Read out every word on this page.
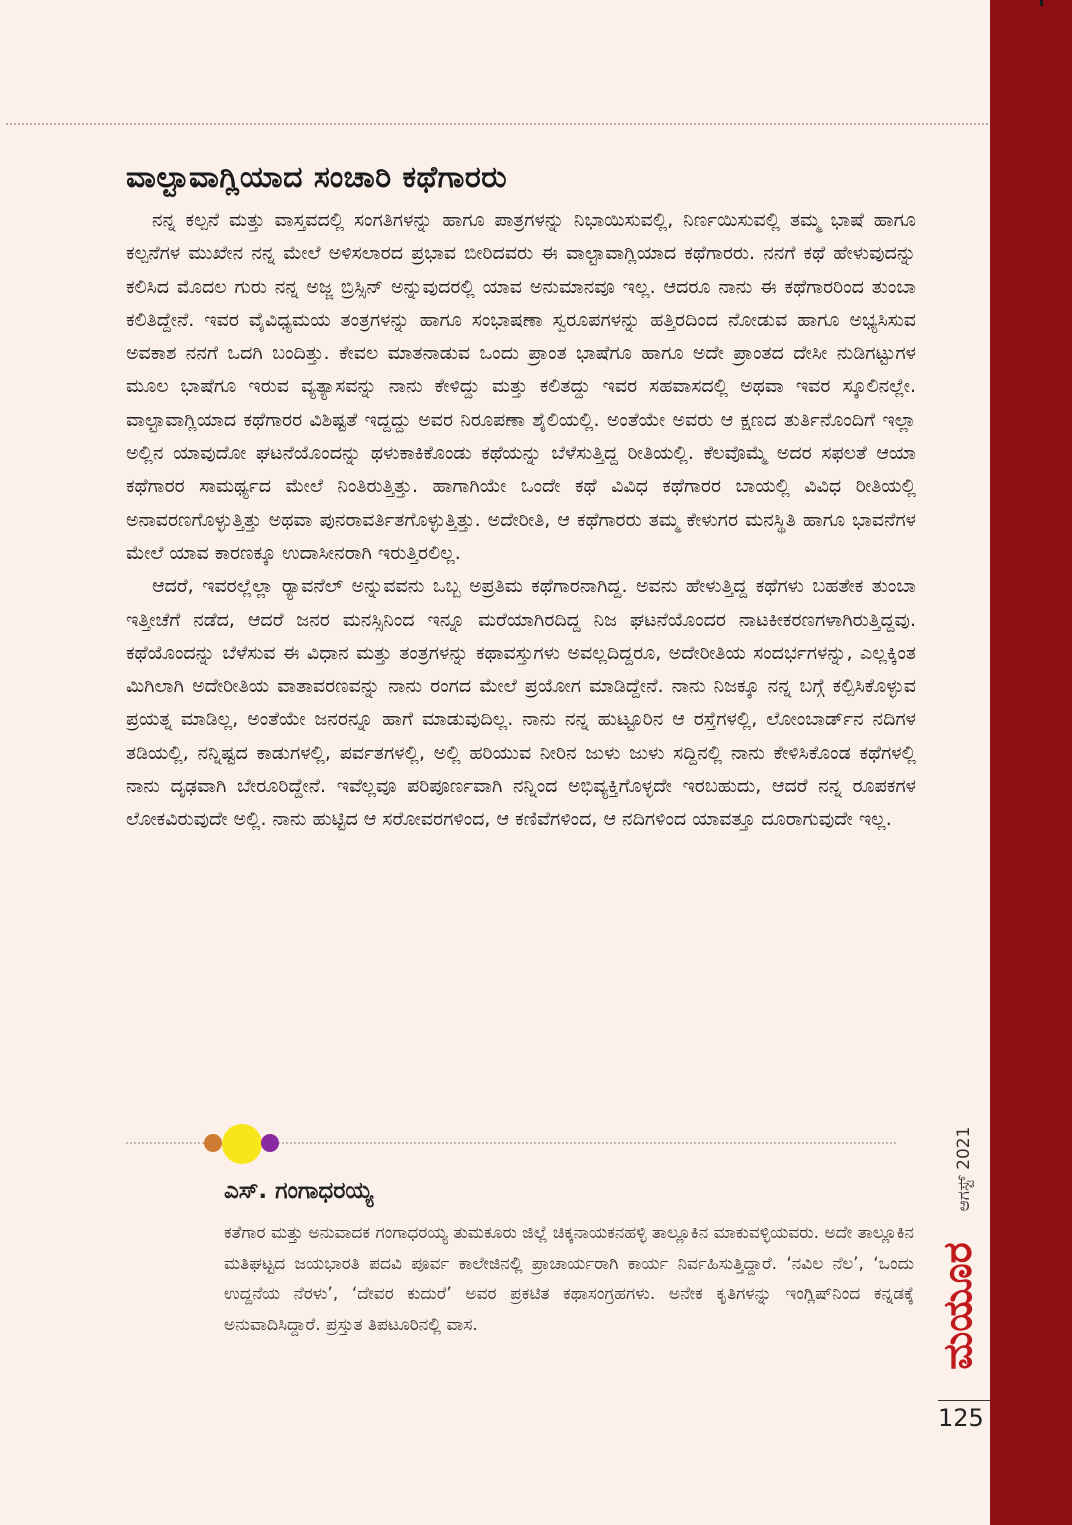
ವಾಲ್ಟಾವಾಗ್ಲಿಯಾದ ಸಂಚಾರಿ ಕಥೆಗಾರರು

ನನ್ನ ಕಲ್ಪನೆ ಮತ್ತು ವಾಸ್ತವದಲ್ಲಿ ಸಂಗತಿಗಳನ್ನು ಹಾಗೂ ಪಾತ್ರಗಳನ್ನು ನಿಭಾಯಿಸುವಲ್ಲಿ, ನಿರ್ಣಯಿಸುವಲ್ಲಿ ತಮ್ಮ ಭಾಷೆ ಹಾಗೂ ಕಲ್ಪನೆಗಳ ಮುಖೇನ ನನ್ನ ಮೇಲೆ ಅಳಿಸಲಾರದ ಪ್ರಭಾವ ಬೀರಿದವರು ಈ ವಾಲ್ಟಾವಾಗ್ಲಿಯಾದ ಕಥೆಗಾರರು. ನನಗೆ ಕಥೆ ಹೇಳುವುದನ್ನು ಕಲಿಸಿದ ಮೊದಲ ಗುರು ನನ್ನ ಅಜ್ಜ ಬ್ರಿಸ್ಸಿನ್ ಅನ್ನುವುದರಲ್ಲಿ ಯಾವ ಅನುಮಾನವೂ ಇಲ್ಲ. ಆದರೂ ನಾನು ಈ ಕಥೆಗಾರರಿಂದ ತುಂಬಾ ಕಲಿತಿದ್ದೇನೆ. ಇವರ ವೈವಿಧ್ಯಮಯ ತಂತ್ರಗಳನ್ನು ಹಾಗೂ ಸಂಭಾಷಣಾ ಸ್ವರೂಪಗಳನ್ನು ಹತ್ತಿರದಿಂದ ನೋಡುವ ಹಾಗೂ ಅಭ್ಯಸಿಸುವ ಅವಕಾಶ ನನಗೆ ಒದಗಿ ಬಂದಿತ್ತು. ಕೇವಲ ಮಾತನಾಡುವ ಒಂದು ಪ್ರಾಂತ ಭಾಷೆಗೂ ಹಾಗೂ ಅದೇ ಪ್ರಾಂತದ ದೇಸೀ ನುಡಿಗಟ್ಟುಗಳ ಮೂಲ ಭಾಷೆಗೂ ಇರುವ ವ್ಯತ್ಯಾಸವನ್ನು ನಾನು ಕೇಳಿದ್ದು ಮತ್ತು ಕಲಿತದ್ದು ಇವರ ಸಹವಾಸದಲ್ಲಿ ಅಥವಾ ಇವರ ಸ್ಕೂಲಿನಲ್ಲೇ. ವಾಲ್ಟಾವಾಗ್ಲಿಯಾದ ಕಥೆಗಾರರ ವಿಶಿಷ್ಟತೆ ಇದ್ದದ್ದು ಅವರ ನಿರೂಪಣಾ ಶೈಲಿಯಲ್ಲಿ. ಅಂತೆಯೇ ಅವರು ಆ ಕ್ಷಣದ ತುರ್ತಿನೊಂದಿಗೆ ಇಲ್ಲಾ ಅಲ್ಲಿನ ಯಾವುದೋ ಘಟನೆಯೊಂದನ್ನು ಥಳುಕಾಕಿಕೊಂಡು ಕಥೆಯನ್ನು ಬೆಳೆಸುತ್ತಿದ್ದ ರೀತಿಯಲ್ಲಿ. ಕೆಲವೊಮ್ಮೆ ಅದರ ಸಫಲತೆ ಆಯಾ ಕಥೆಗಾರರ ಸಾಮರ್ಥ್ಯದ ಮೇಲೆ ನಿಂತಿರುತ್ತಿತ್ತು. ಹಾಗಾಗಿಯೇ ಒಂದೇ ಕಥೆ ವಿವಿಧ ಕಥೆಗಾರರ ಬಾಯಲ್ಲಿ ವಿವಿಧ ರೀತಿಯಲ್ಲಿ ಅನಾವರಣಗೊಳ್ಳುತ್ತಿತ್ತು ಅಥವಾ ಪುನರಾವರ್ತಿತಗೊಳ್ಳುತ್ತಿತ್ತು. ಅದೇರೀತಿ, ಆ ಕಥೆಗಾರರು ತಮ್ಮ ಕೇಳುಗರ ಮನಸ್ಥಿತಿ ಹಾಗೂ ಭಾವನೆಗಳ ಮೇಲೆ ಯಾವ ಕಾರಣಕ್ಕೂ ಉದಾಸೀನರಾಗಿ ಇರುತ್ತಿರಲಿಲ್ಲ.

ಆದರೆ, ಇವರಲ್ಲೆಲ್ಲಾ ರ್‍ಯಾವನೆಲ್ ಅನ್ನುವವನು ಒಬ್ಬ ಅಪ್ರತಿಮ ಕಥೆಗಾರನಾಗಿದ್ದ. ಅವನು ಹೇಳುತ್ತಿದ್ದ ಕಥೆಗಳು ಬಹತೇಕ ತುಂಬಾ ಇತ್ತೀಚೆಗೆ ನಡೆದ, ಆದರೆ ಜನರ ಮನಸ್ಸಿನಿಂದ ಇನ್ನೂ ಮರೆಯಾಗಿರದಿದ್ದ ನಿಜ ಘಟನೆಯೊಂದರ ನಾಟಕೀಕರಣಗಳಾಗಿರುತ್ತಿದ್ದವು. ಕಥೆಯೊಂದನ್ನು ಬೆಳೆಸುವ ಈ ವಿಧಾನ ಮತ್ತು ತಂತ್ರಗಳನ್ನು ಕಥಾವಸ್ತುಗಳು ಅವಲ್ಲದಿದ್ದರೂ, ಅದೇರೀತಿಯ ಸಂದರ್ಭಗಳನ್ನು, ಎಲ್ಲಕ್ಕಿಂತ ಮಿಗಿಲಾಗಿ ಅದೇರೀತಿಯ ವಾತಾವರಣವನ್ನು ನಾನು ರಂಗದ ಮೇಲೆ ಪ್ರಯೋಗ ಮಾಡಿದ್ದೇನೆ. ನಾನು ನಿಜಕ್ಕೂ ನನ್ನ ಬಗ್ಗೆ ಕಲ್ಪಿಸಿಕೊಳ್ಳುವ ಪ್ರಯತ್ನ ಮಾಡಿಲ್ಲ, ಅಂತೆಯೇ ಜನರನ್ನೂ ಹಾಗೆ ಮಾಡುವುದಿಲ್ಲ. ನಾನು ನನ್ನ ಹುಟ್ಟೂರಿನ ಆ ರಸ್ತೆಗಳಲ್ಲಿ, ಲೋಂಬಾರ್ಡ್‌ನ ನದಿಗಳ ತಡಿಯಲ್ಲಿ, ನನ್ನಿಷ್ಟದ ಕಾಡುಗಳಲ್ಲಿ, ಪರ್ವತಗಳಲ್ಲಿ, ಅಲ್ಲಿ ಹರಿಯುವ ನೀರಿನ ಜುಳು ಜುಳು ಸದ್ದಿನಲ್ಲಿ ನಾನು ಕೇಳಿಸಿಕೊಂಡ ಕಥೆಗಳಲ್ಲಿ ನಾನು ದೃಢವಾಗಿ ಬೇರೂರಿದ್ದೇನೆ. ಇವೆಲ್ಲವೂ ಪರಿಪೂರ್ಣವಾಗಿ ನನ್ನಿಂದ ಅಭಿವ್ಯಕ್ತಿಗೊಳ್ಳದೇ ಇರಬಹುದು, ಆದರೆ ನನ್ನ ರೂಪಕಗಳ ಲೋಕವಿರುವುದೇ ಅಲ್ಲಿ. ನಾನು ಹುಟ್ಟಿದ ಆ ಸರೋವರಗಳಿಂದ, ಆ ಕಣಿವೆಗಳಿಂದ, ಆ ನದಿಗಳಿಂದ ಯಾವತ್ತೂ ದೂರಾಗುವುದೇ ಇಲ್ಲ.

ಎಸ್. ಗಂಗಾಧರಯ್ಯ

ಕತೆಗಾರ ಮತ್ತು ಅನುವಾದಕ ಗಂಗಾಧರಯ್ಯ ತುಮಕೂರು ಜಿಲ್ಲೆ ಚಿಕ್ಕನಾಯಕನಹಳ್ಳಿ ತಾಲ್ಲೂಕಿನ ಮಾಕುವಳ್ಳಿಯವರು. ಅದೇ ತಾಲ್ಲೂಕಿನ ಮತಿಘಟ್ಟದ ಜಯಭಾರತಿ ಪದವಿ ಪೂರ್ವ ಕಾಲೇಜಿನಲ್ಲಿ ಪ್ರಾಚಾರ್ಯರಾಗಿ ಕಾರ್ಯ ನಿರ್ವಹಿಸುತ್ತಿದ್ದಾರೆ. ‘ನವಿಲ ನೆಲ’, ‘ಒಂದು ಉದ್ದನೆಯ ನೆರಳು’, ‘ದೇವರ ಕುದುರೆ’ ಅವರ ಪ್ರಕಟಿತ ಕಥಾಸಂಗ್ರಹಗಳು. ಅನೇಕ ಕೃತಿಗಳನ್ನು ಇಂಗ್ಲಿಷ್‌ನಿಂದ ಕನ್ನಡಕ್ಕೆ ಅನುವಾದಿಸಿದ್ದಾರೆ. ಪ್ರಸ್ತುತ ತಿಪಟೂರಿನಲ್ಲಿ ವಾಸ.

ಆಗಸ್ಟ್ 2021
ಮಯೂರ
125
